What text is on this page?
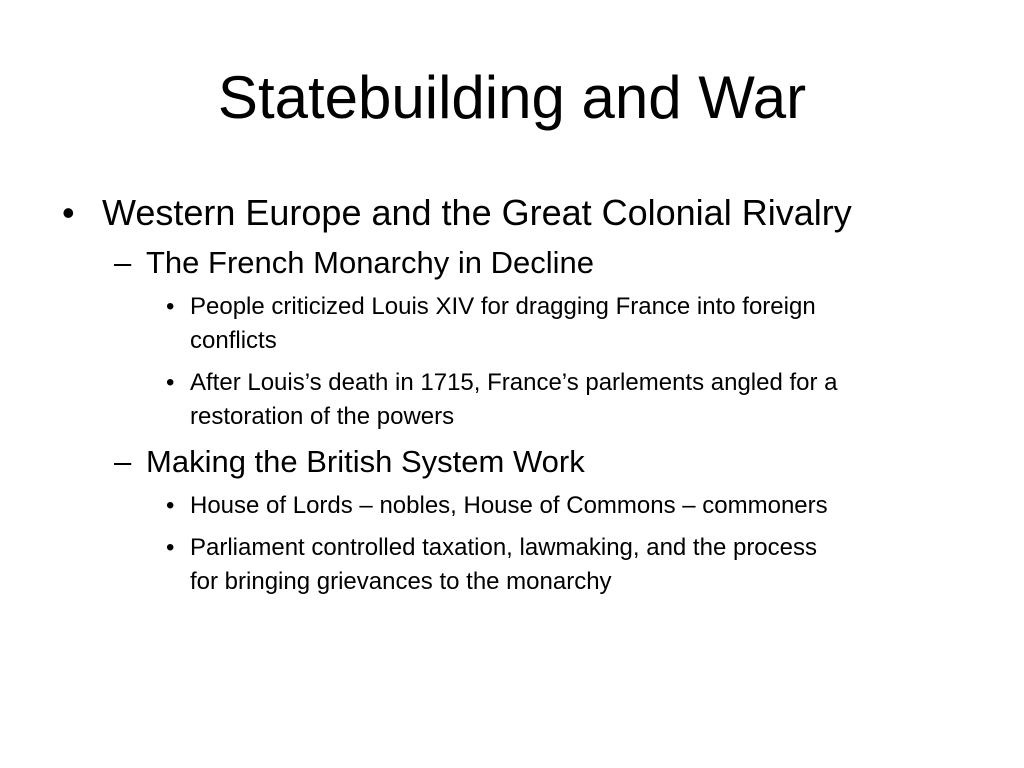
Statebuilding and War
• Western Europe and the Great Colonial Rivalry
– The French Monarchy in Decline
• People criticized Louis XIV for dragging France into foreign
conflicts
• After Louis’s death in 1715, France’s parlements angled for a
restoration of the powers
– Making the British System Work
• House of Lords – nobles, House of Commons – commoners
• Parliament controlled taxation, lawmaking, and the process
for bringing grievances to the monarchy
